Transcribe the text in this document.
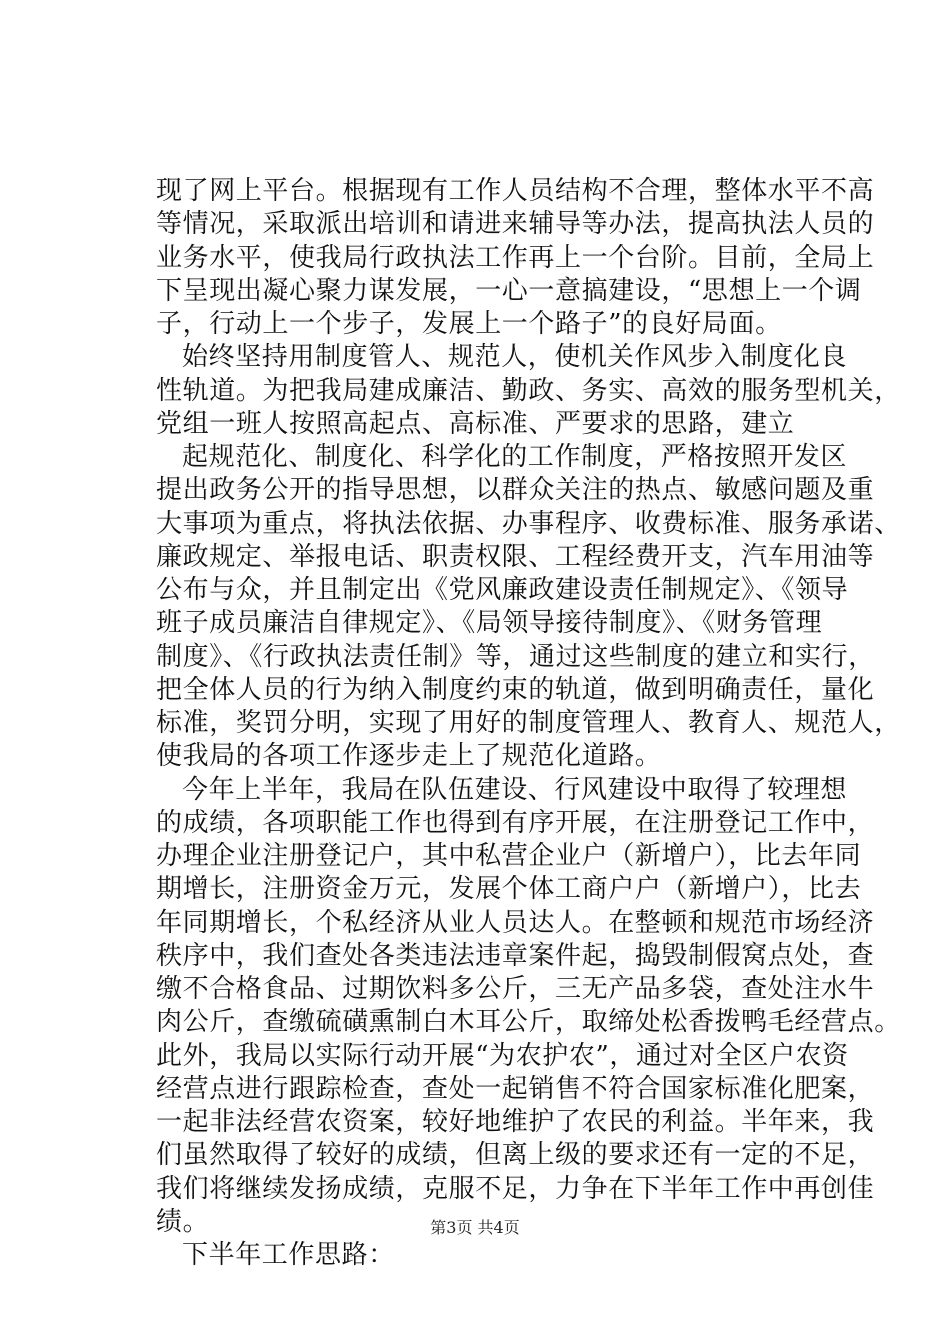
现了网上平台。根据现有工作人员结构不合理，整体水平不高
等情况，采取派出培训和请进来辅导等办法，提高执法人员的
业务水平，使我局行政执法工作再上一个台阶。目前，全局上
下呈现出凝心聚力谋发展，一心一意搞建设，“思想上一个调
子，行动上一个步子，发展上一个路子”的良好局面。
始终坚持用制度管人、规范人，使机关作风步入制度化良
性轨道。为把我局建成廉洁、勤政、务实、高效的服务型机关，
党组一班人按照高起点、高标准、严要求的思路，建立
起规范化、制度化、科学化的工作制度，严格按照开发区
提出政务公开的指导思想，以群众关注的热点、敏感问题及重
大事项为重点，将执法依据、办事程序、收费标准、服务承诺、
廉政规定、举报电话、职责权限、工程经费开支，汽车用油等
公布与众，并且制定出《党风廉政建设责任制规定》、《领导
班子成员廉洁自律规定》、《局领导接待制度》、《财务管理
制度》、《行政执法责任制》等，通过这些制度的建立和实行，
把全体人员的行为纳入制度约束的轨道，做到明确责任，量化
标准，奖罚分明，实现了用好的制度管理人、教育人、规范人，
使我局的各项工作逐步走上了规范化道路。
今年上半年，我局在队伍建设、行风建设中取得了较理想
的成绩，各项职能工作也得到有序开展，在注册登记工作中，
办理企业注册登记户，其中私营企业户（新增户），比去年同
期增长，注册资金万元，发展个体工商户户（新增户），比去
年同期增长，个私经济从业人员达人。在整顿和规范市场经济
秩序中，我们查处各类违法违章案件起，捣毁制假窝点处，查
缴不合格食品、过期饮料多公斤，三无产品多袋，查处注水牛
肉公斤，查缴硫磺熏制白木耳公斤，取缔处松香拨鸭毛经营点。
此外，我局以实际行动开展“为农护农”，通过对全区户农资
经营点进行跟踪检查，查处一起销售不符合国家标准化肥案，
一起非法经营农资案，较好地维护了农民的利益。半年来，我
们虽然取得了较好的成绩，但离上级的要求还有一定的不足，
我们将继续发扬成绩，克服不足，力争在下半年工作中再创佳
绩。
下半年工作思路：
第3页 共4页
